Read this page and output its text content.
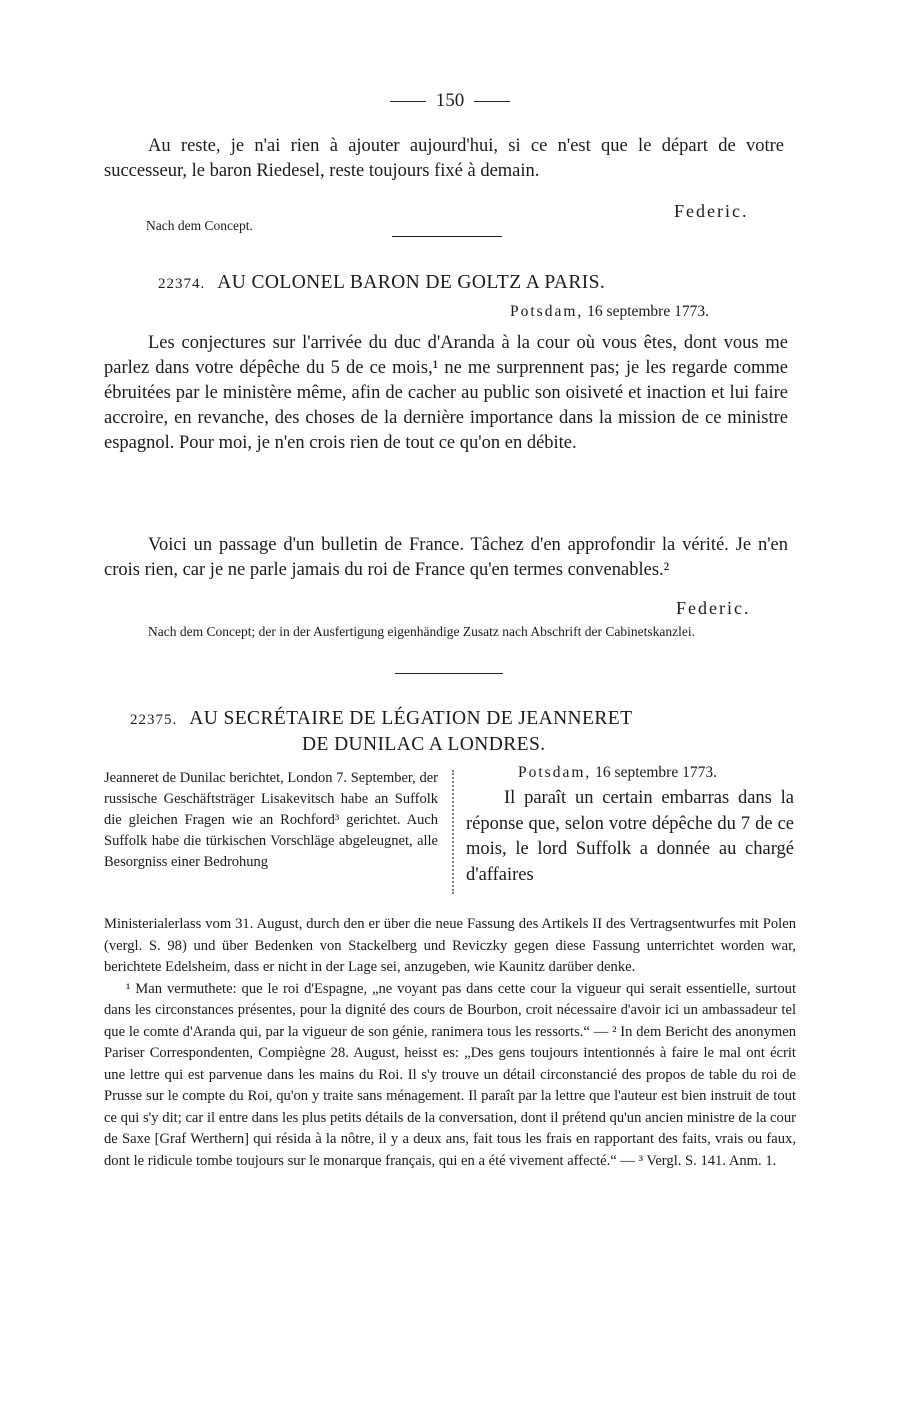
150
Au reste, je n'ai rien à ajouter aujourd'hui, si ce n'est que le départ de votre successeur, le baron Riedesel, reste toujours fixé à demain.
Nach dem Concept.
Federic.
22374. AU COLONEL BARON DE GOLTZ A PARIS.
Potsdam, 16 septembre 1773.
Les conjectures sur l'arrivée du duc d'Aranda à la cour où vous êtes, dont vous me parlez dans votre dépêche du 5 de ce mois,¹ ne me surprennent pas; je les regarde comme ébruitées par le ministère même, afin de cacher au public son oisiveté et inaction et lui faire accroire, en revanche, des choses de la dernière importance dans la mission de ce ministre espagnol. Pour moi, je n'en crois rien de tout ce qu'on en débite.
Voici un passage d'un bulletin de France. Tâchez d'en approfondir la vérité. Je n'en crois rien, car je ne parle jamais du roi de France qu'en termes convenables.²
Federic.
Nach dem Concept; der in der Ausfertigung eigenhändige Zusatz nach Abschrift der Cabinetskanzlei.
22375. AU SECRÉTAIRE DE LÉGATION DE JEANNERET
DE DUNILAC A LONDRES.
Jeanneret de Dunilac berichtet, London 7. September, der russische Geschäftsträger Lisakevitsch habe an Suffolk die gleichen Fragen wie an Rochford³ gerichtet. Auch Suffolk habe die türkischen Vorschläge abgeleugnet, alle Besorgniss einer Bedrohung
Potsdam, 16 septembre 1773.
Il paraît un certain embarras dans la réponse que, selon votre dépêche du 7 de ce mois, le lord Suffolk a donnée au chargé d'affaires

Ministerialerlass vom 31. August, durch den er über die neue Fassung des Artikels II des Vertragsentwurfes mit Polen (vergl. S. 98) und über Bedenken von Stackelberg und Reviczky gegen diese Fassung unterrichtet worden war, berichtete Edelsheim, dass er nicht in der Lage sei, anzugeben, wie Kaunitz darüber denke.

¹ Man vermuthete: que le roi d'Espagne, „ne voyant pas dans cette cour la vigueur qui serait essentielle, surtout dans les circonstances présentes, pour la dignité des cours de Bourbon, croit nécessaire d'avoir ici un ambassadeur tel que le comte d'Aranda qui, par la vigueur de son génie, ranimera tous les ressorts.“ — ² In dem Bericht des anonymen Pariser Correspondenten, Compiègne 28. August, heisst es: „Des gens toujours intentionnés à faire le mal ont écrit une lettre qui est parvenue dans les mains du Roi. Il s'y trouve un détail circonstancié des propos de table du roi de Prusse sur le compte du Roi, qu'on y traite sans ménagement. Il paraît par la lettre que l'auteur est bien instruit de tout ce qui s'y dit; car il entre dans les plus petits détails de la conversation, dont il prétend qu'un ancien ministre de la cour de Saxe [Graf Werthern] qui résida à la nôtre, il y a deux ans, fait tous les frais en rapportant des faits, vrais ou faux, dont le ridicule tombe toujours sur le monarque français, qui en a été vivement affecté.“ — ³ Vergl. S. 141. Anm. 1.
